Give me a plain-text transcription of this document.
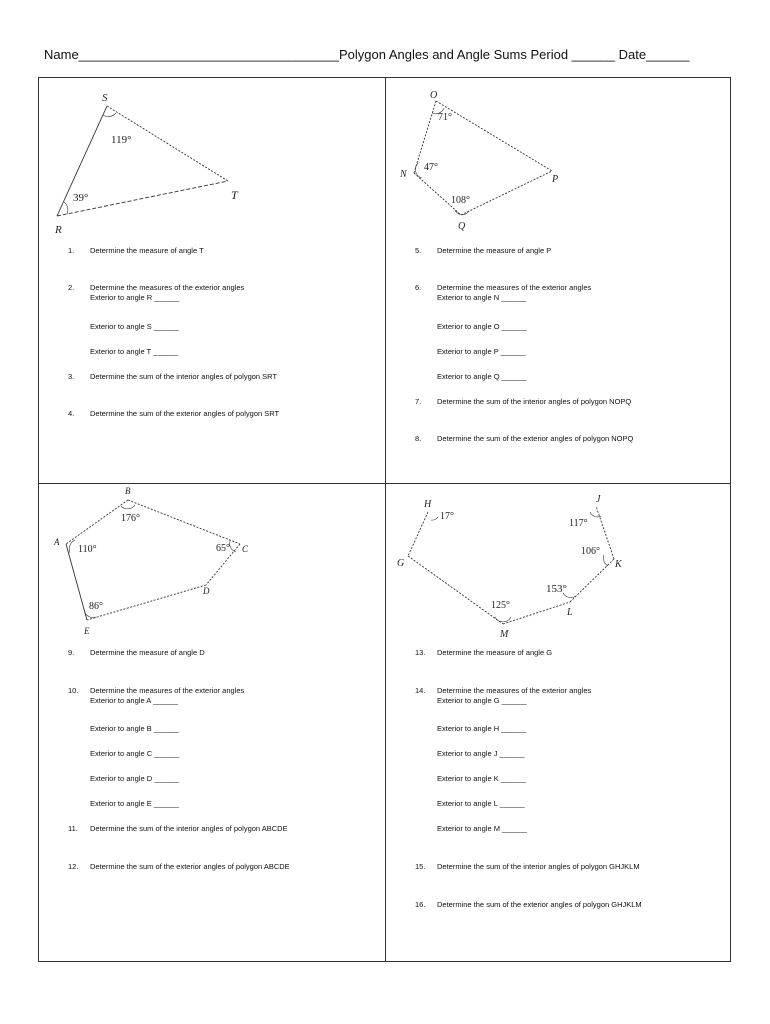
Name____________________________________Polygon Angles and Angle Sums Period ______ Date______
S
R
T
119°
39°
O
N	P
Q
71°
47°
108°
B
A
C
D
E
176°
110°	65°
86°
H	J
G	K
L
M
17°
117°
106°
153°
125°
1. Determine the measure of angle T
2. Determine the measures of the exterior angles
Exterior to angle R ______
Exterior to angle S ______
Exterior to angle T ______
3. Determine the sum of the interior angles of polygon SRT
4. Determine the sum of the exterior angles of polygon SRT
5. Determine the measure of angle P
6. Determine the measures of the exterior angles
Exterior to angle N ______
Exterior to angle O ______
Exterior to angle P ______
Exterior to angle Q ______
7. Determine the sum of the interior angles of polygon NOPQ
8. Determine the sum of the exterior angles of polygon NOPQ
9. Determine the measure of angle D
10. Determine the measures of the exterior angles
Exterior to angle A ______
Exterior to angle B ______
Exterior to angle C ______
Exterior to angle D ______
Exterior to angle E ______
11. Determine the sum of the interior angles of polygon ABCDE
12. Determine the sum of the exterior angles of polygon ABCDE
13. Determine the measure of angle G
14. Determine the measures of the exterior angles
Exterior to angle G ______
Exterior to angle H ______
Exterior to angle J ______
Exterior to angle K ______
Exterior to angle L ______
Exterior to angle M ______
15. Determine the sum of the interior angles of polygon GHJKLM
16. Determine the sum of the exterior angles of polygon GHJKLM
